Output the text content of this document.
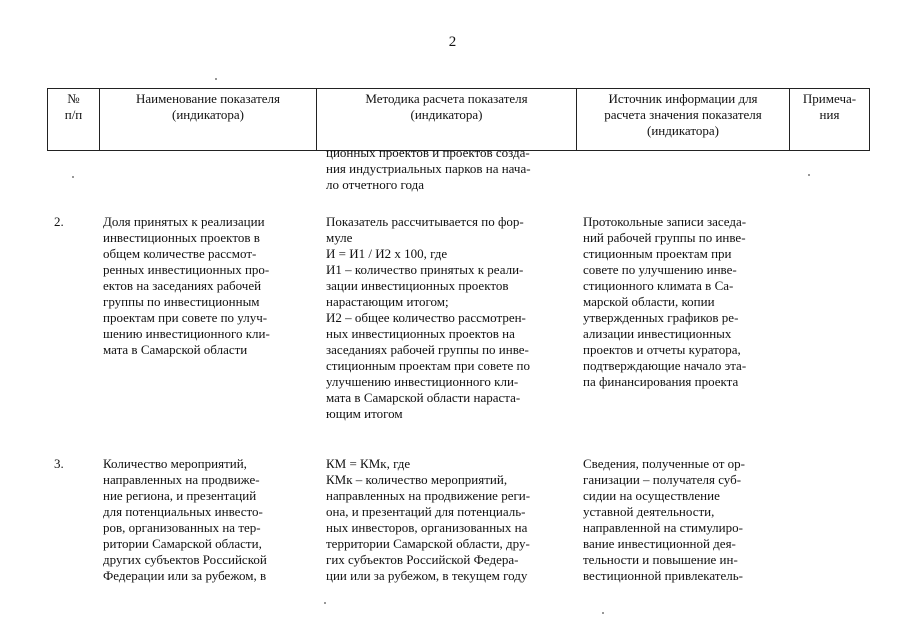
2
№
п/п
Наименование показателя
(индикатора)
Методика расчета показателя
(индикатора)
Источник информации для
расчета значения показателя
(индикатора)
Примеча-
ния
ционных проектов и проектов созда-
ния индустриальных парков на нача-
ло отчетного года
2.	Доля принятых к реализации
инвестиционных проектов в
общем количестве рассмот-
ренных инвестиционных про-
ектов на заседаниях рабочей
группы по инвестиционным
проектам при совете по улуч-
шению инвестиционного кли-
мата в Самарской области
Показатель рассчитывается по фор-
муле
И = И1 / И2 х 100, где
И1 – количество принятых к реали-
зации инвестиционных проектов
нарастающим итогом;
И2 – общее количество рассмотрен-
ных инвестиционных проектов на
заседаниях рабочей группы по инве-
стиционным проектам при совете по
улучшению инвестиционного кли-
мата в Самарской области нараста-
ющим итогом
Протокольные записи заседа-
ний рабочей группы по инве-
стиционным проектам при
совете по улучшению инве-
стиционного климата в Са-
марской области, копии
утвержденных графиков ре-
ализации инвестиционных
проектов и отчеты куратора,
подтверждающие начало эта-
па финансирования проекта
3.	Количество мероприятий,
направленных на продвиже-
ние региона, и презентаций
для потенциальных инвесто-
ров, организованных на тер-
ритории Самарской области,
других субъектов Российской
Федерации или за рубежом, в
КМ = КМк, где
КМк – количество мероприятий,
направленных на продвижение реги-
она, и презентаций для потенциаль-
ных инвесторов, организованных на
территории Самарской области, дру-
гих субъектов Российской Федера-
ции или за рубежом, в текущем году
Сведения, полученные от ор-
ганизации – получателя суб-
сидии на осуществление
уставной деятельности,
направленной на стимулиро-
вание инвестиционной дея-
тельности и повышение ин-
вестиционной привлекатель-
